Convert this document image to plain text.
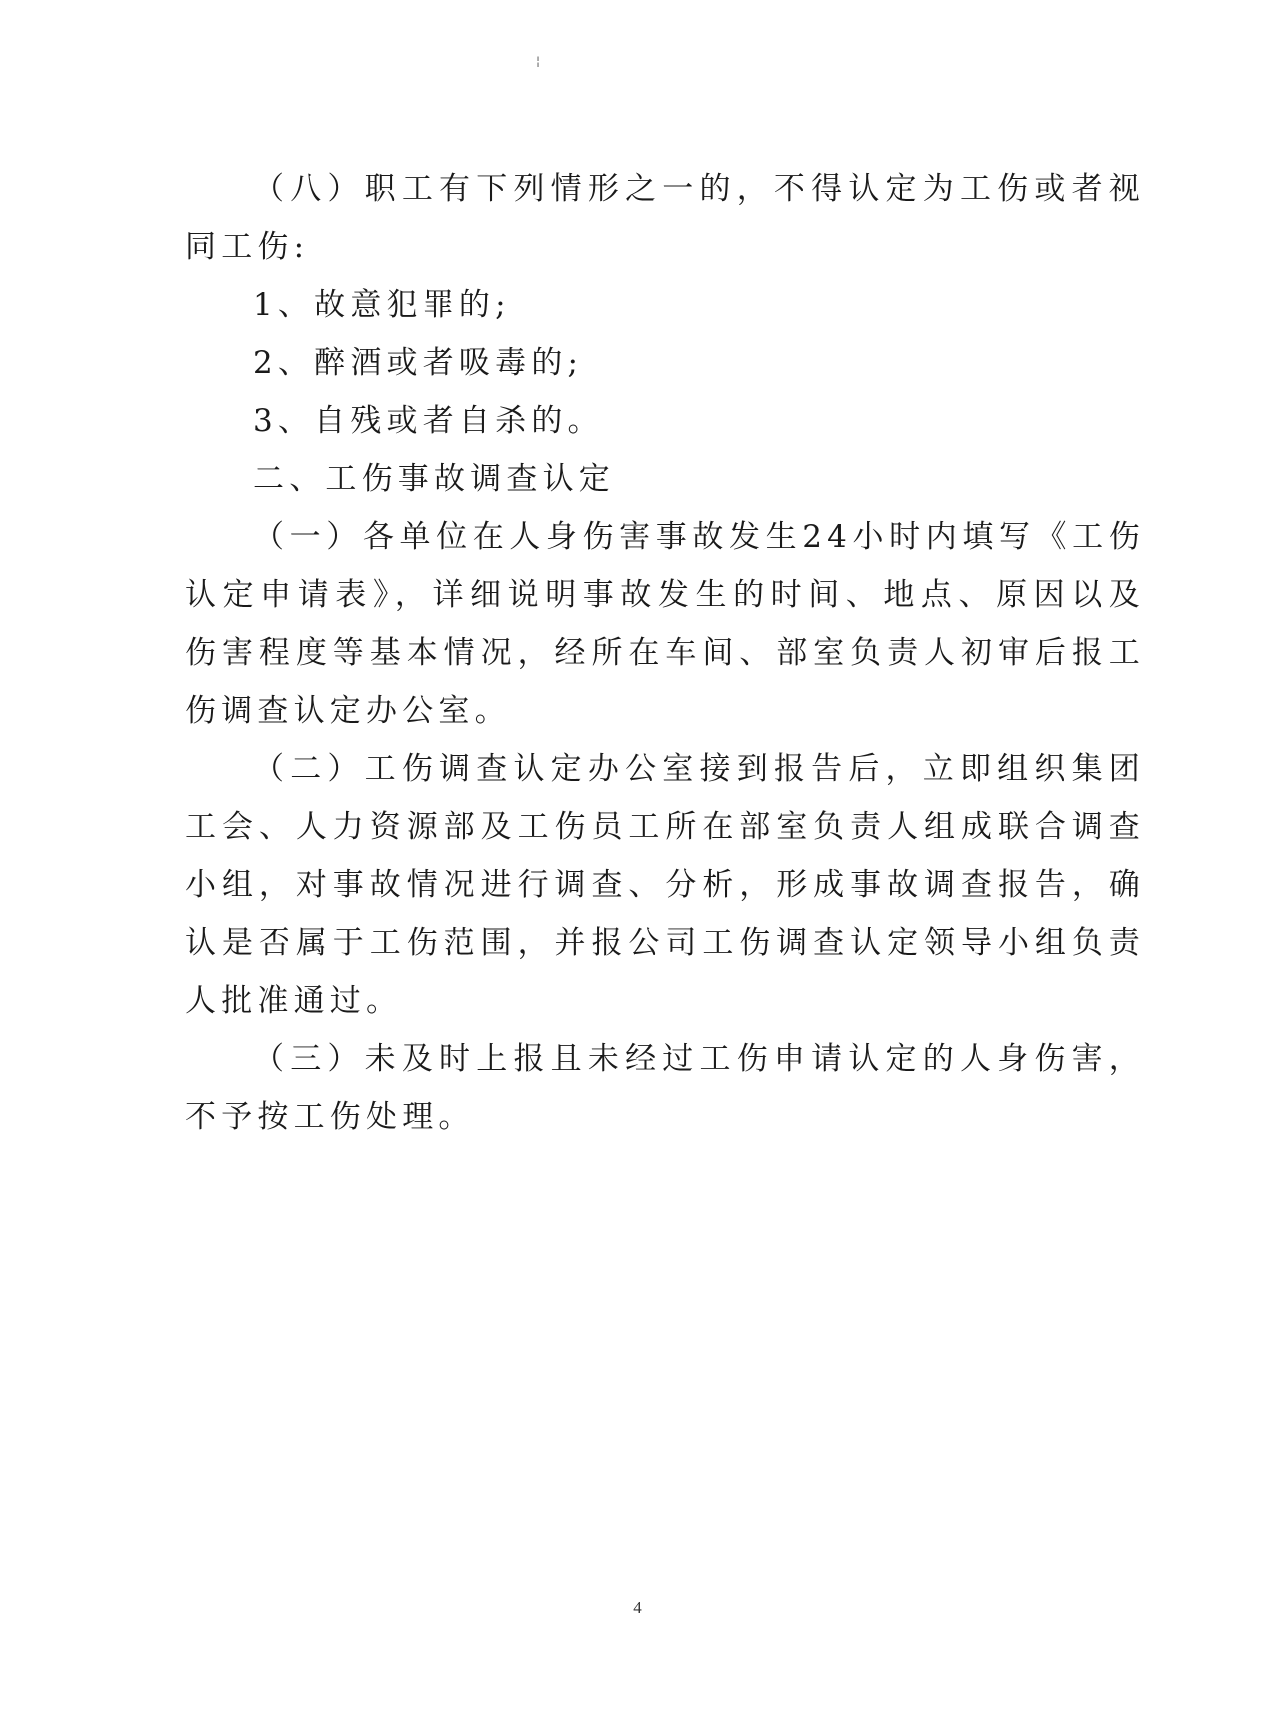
¦

（八）职工有下列情形之一的，不得认定为工伤或者视同工伤:

1、故意犯罪的;

2、醉酒或者吸毒的;

3、自残或者自杀的。

二、工伤事故调查认定

（一）各单位在人身伤害事故发生24小时内填写《工伤认定申请表》，详细说明事故发生的时间、地点、原因以及伤害程度等基本情况，经所在车间、部室负责人初审后报工伤调查认定办公室。

（二）工伤调查认定办公室接到报告后，立即组织集团工会、人力资源部及工伤员工所在部室负责人组成联合调查小组，对事故情况进行调查、分析，形成事故调查报告，确认是否属于工伤范围，并报公司工伤调查认定领导小组负责人批准通过。

（三）未及时上报且未经过工伤申请认定的人身伤害，不予按工伤处理。

4
